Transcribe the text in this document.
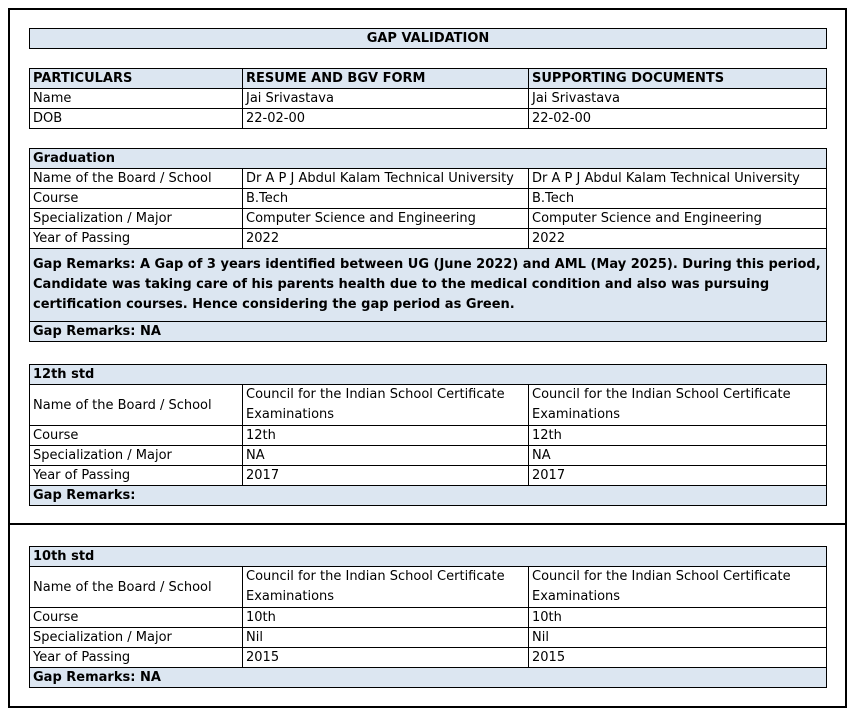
GAP VALIDATION
PARTICULARS	RESUME AND BGV FORM	SUPPORTING DOCUMENTS
Name	Jai Srivastava	Jai Srivastava
DOB	22-02-00	22-02-00
Graduation		
Name of the Board / School	Dr A P J Abdul Kalam Technical University	Dr A P J Abdul Kalam Technical University
Course	B.Tech	B.Tech
Specialization / Major	Computer Science and Engineering	Computer Science and Engineering
Year of Passing	2022	2022
Gap Remarks: A Gap of 3 years identified between UG (June 2022) and AML (May 2025). During this period, Candidate was taking care of his parents health due to the medical condition and also was pursuing certification courses. Hence considering the gap period as Green.		
Gap Remarks: NA		
12th std		
Name of the Board / School	Council for the Indian School Certificate Examinations	Council for the Indian School Certificate Examinations
Course	12th	12th
Specialization / Major	NA	NA
Year of Passing	2017	2017
Gap Remarks:		
10th std		
Name of the Board / School	Council for the Indian School Certificate Examinations	Council for the Indian School Certificate Examinations
Course	10th	10th
Specialization / Major	Nil	Nil
Year of Passing	2015	2015
Gap Remarks: NA		
